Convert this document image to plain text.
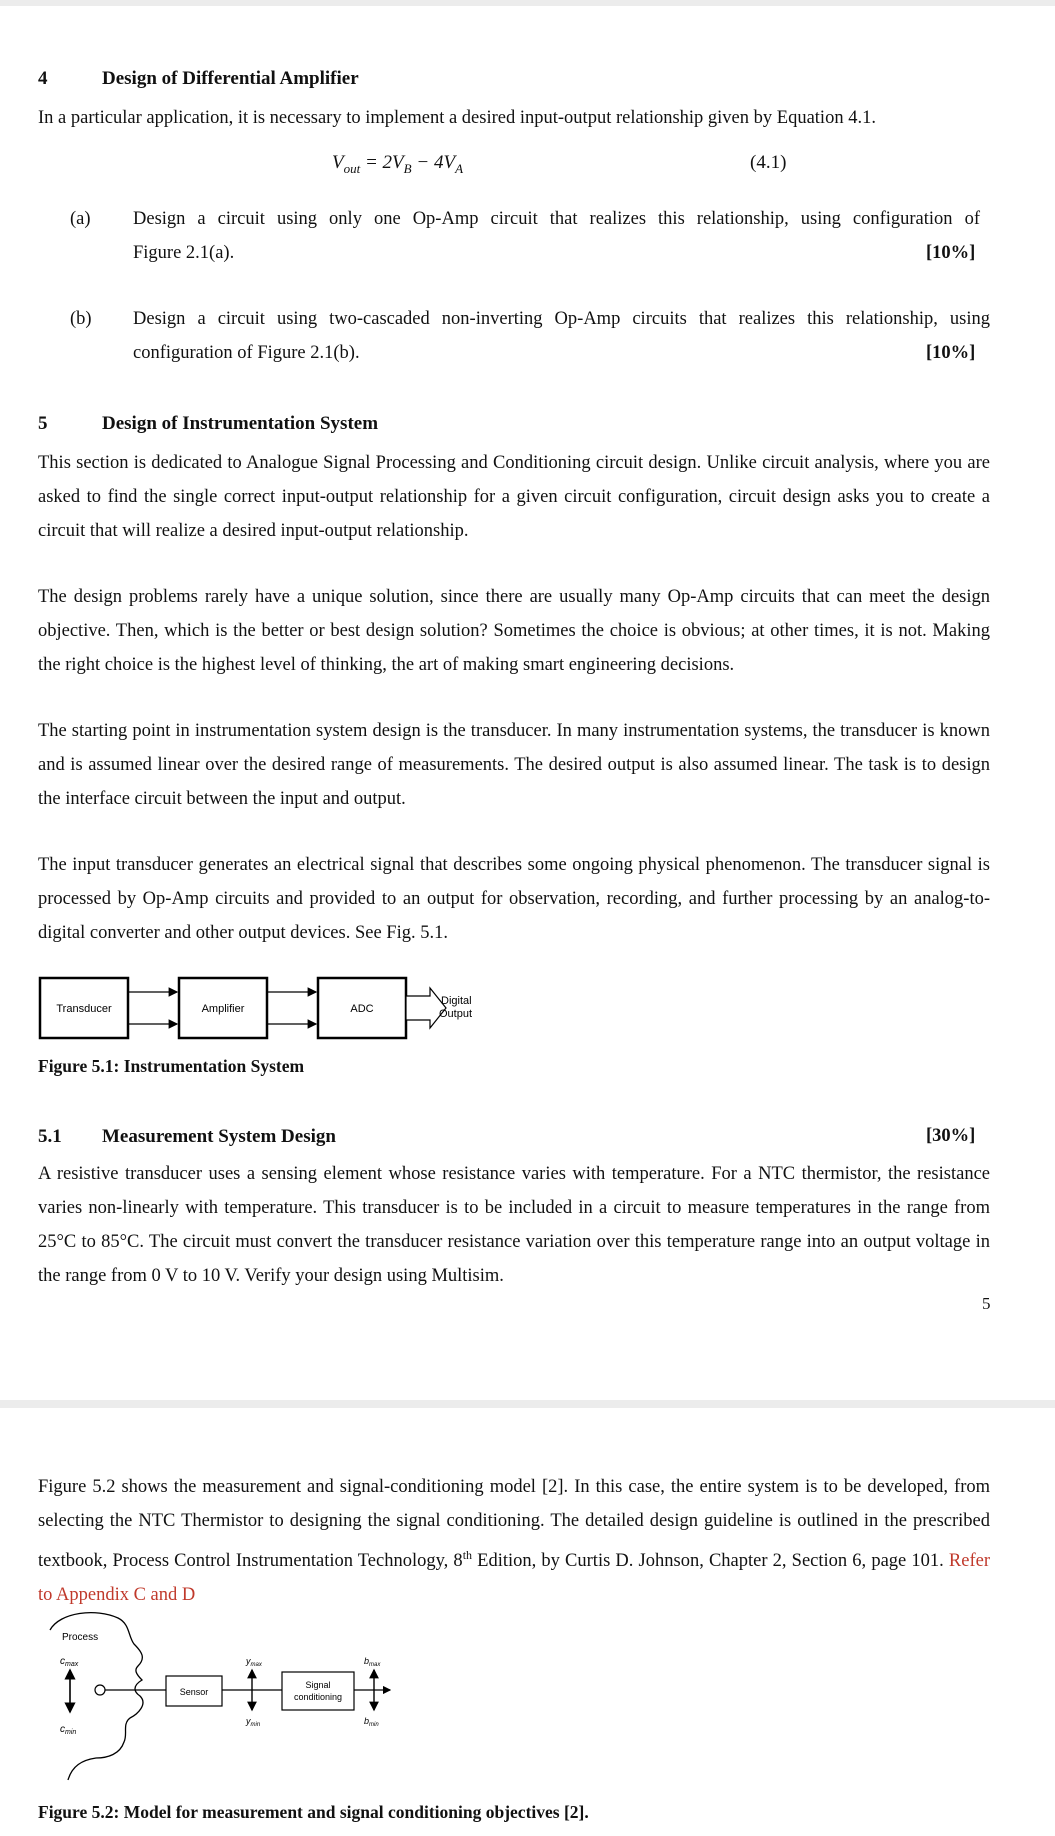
4	Design of Differential Amplifier
In a particular application, it is necessary to implement a desired input-output relationship given by Equation 4.1.
$V_{out} = 2V_B - 4V_A$	(4.1)
(a) Design a circuit using only one Op-Amp circuit that realizes this relationship, using configuration of
Figure 2.1(a).	[10%]
(b) Design a circuit using two-cascaded non-inverting Op-Amp circuits that realizes this relationship, using
configuration of Figure 2.1(b).	[10%]
5	Design of Instrumentation System
This section is dedicated to Analogue Signal Processing and Conditioning circuit design. Unlike circuit analysis, where you are asked to find the single correct input-output relationship for a given circuit configuration, circuit design asks you to create a circuit that will realize a desired input-output relationship.
The design problems rarely have a unique solution, since there are usually many Op-Amp circuits that can meet the design objective. Then, which is the better or best design solution? Sometimes the choice is obvious; at other times, it is not. Making the right choice is the highest level of thinking, the art of making smart engineering decisions.
The starting point in instrumentation system design is the transducer. In many instrumentation systems, the transducer is known and is assumed linear over the desired range of measurements. The desired output is also assumed linear. The task is to design the interface circuit between the input and output.
The input transducer generates an electrical signal that describes some ongoing physical phenomenon. The transducer signal is processed by Op-Amp circuits and provided to an output for observation, recording, and further processing by an analog-to-digital converter and other output devices. See Fig. 5.1.
Transducer	Amplifier	ADC
Digital
Output
Figure 5.1: Instrumentation System
5.1 Measurement System Design	[30%]
A resistive transducer uses a sensing element whose resistance varies with temperature. For a NTC thermistor, the resistance varies non-linearly with temperature. This transducer is to be included in a circuit to measure temperatures in the range from 25°C to 85°C. The circuit must convert the transducer resistance variation over this temperature range into an output voltage in the range from 0 V to 10 V. Verify your design using Multisim.
5
Figure 5.2 shows the measurement and signal-conditioning model [2]. In this case, the entire system is to be developed, from selecting the NTC Thermistor to designing the signal conditioning. The detailed design guideline is outlined in the prescribed textbook, Process Control Instrumentation Technology, 8th Edition, by Curtis D. Johnson, Chapter 2, Section 6, page 101. Refer to Appendix C and D
Process
$c_{max}$
$c_{min}$
Sensor
$y_{max}$
$y_{min}$
Signal
conditioning
$b_{max}$
$b_{min}$
Figure 5.2: Model for measurement and signal conditioning objectives [2].
